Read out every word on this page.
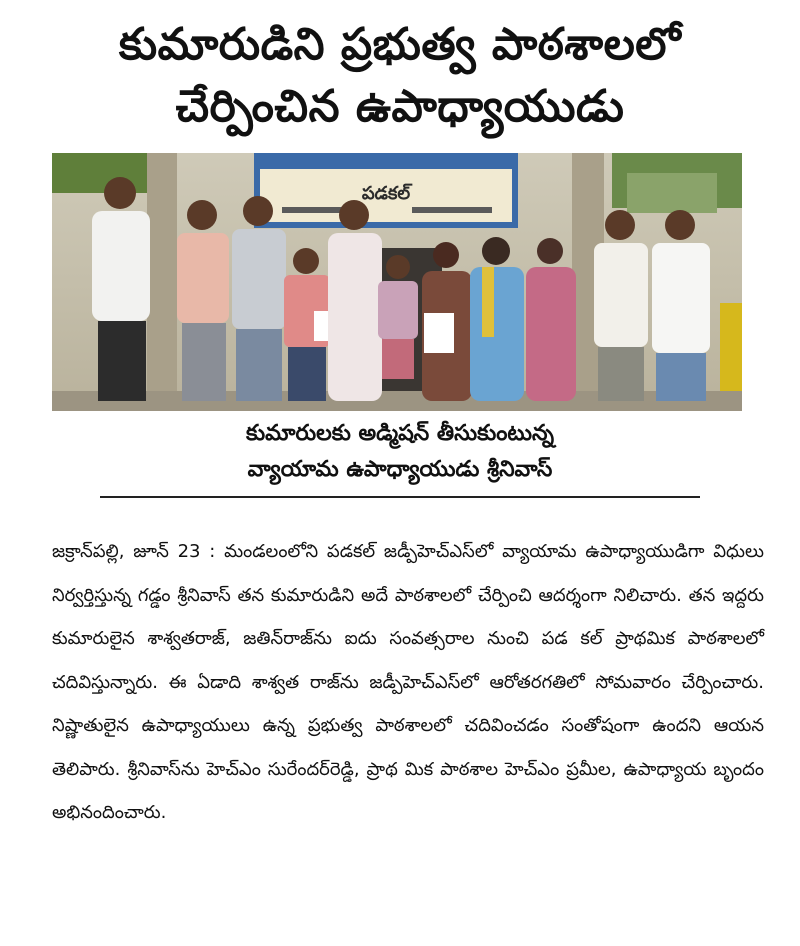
కుమారుడిని ప్రభుత్వ పాఠశాలలో
చేర్పించిన ఉపాధ్యాయుడు
పడకల్
కుమారులకు అడ్మిషన్ తీసుకుంటున్న
వ్యాయామ ఉపాధ్యాయుడు శ్రీనివాస్

జక్రాన్‌పల్లి, జూన్ 23 : మండలంలోని పడకల్ జడ్పీహెచ్‌ఎస్‌లో వ్యాయామ ఉపాధ్యాయుడిగా విధులు నిర్వర్తిస్తున్న గడ్డం శ్రీనివాస్ తన కుమారుడిని అదే పాఠశాలలో చేర్పించి ఆదర్శంగా నిలిచారు. తన ఇద్దరు కుమారులైన శాశ్వతరాజ్, జతిన్‌రాజ్‌ను ఐదు సంవత్సరాల నుంచి పడ కల్ ప్రాథమిక పాఠశాలలో చదివిస్తున్నారు. ఈ ఏడాది శాశ్వత రాజ్‌ను జడ్పీహెచ్‌ఎస్‌లో ఆరోతరగతిలో సోమవారం చేర్పించారు. నిష్ణాతులైన ఉపాధ్యాయులు ఉన్న ప్రభుత్వ పాఠశాలలో చదివించడం సంతోషంగా ఉందని ఆయన తెలిపారు. శ్రీనివాస్‌ను హెచ్‌ఎం సురేందర్‌రెడ్డి, ప్రాథ మిక పాఠశాల హెచ్‌ఎం ప్రమీల, ఉపాధ్యాయ బృందం అభినందించారు.
